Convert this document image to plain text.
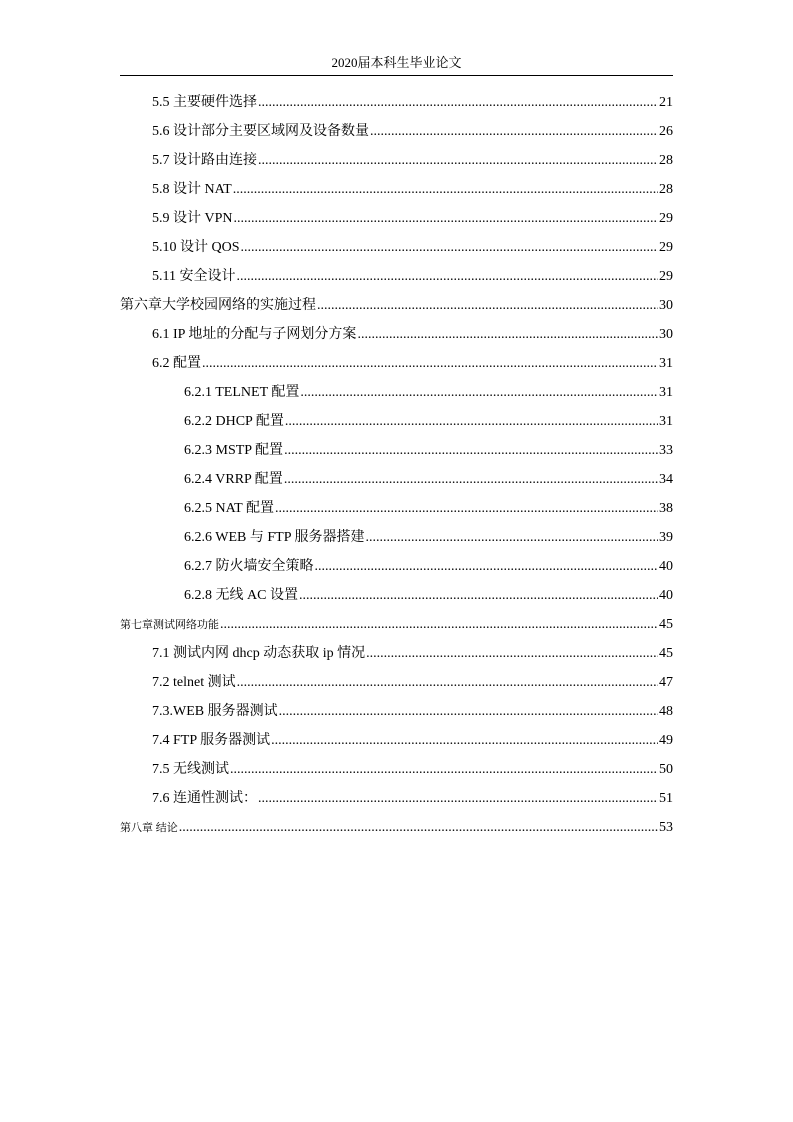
2020届本科生毕业论文
5.5 主要硬件选择 .....	21
5.6 设计部分主要区域网及设备数量 .....	26
5.7 设计路由连接 .....	28
5.8 设计 NAT .....	28
5.9 设计 VPN .....	29
5.10 设计 QOS .....	29
5.11 安全设计 .....	29
第六章大学校园网络的实施过程 .....	30
6.1 IP 地址的分配与子网划分方案 .....	30
6.2 配置 .....	31
6.2.1 TELNET 配置 .....	31
6.2.2 DHCP 配置 .....	31
6.2.3 MSTP 配置 .....	33
6.2.4 VRRP 配置 .....	34
6.2.5 NAT 配置 .....	38
6.2.6 WEB 与 FTP 服务器搭建 .....	39
6.2.7 防火墙安全策略 .....	40
6.2.8 无线 AC 设置 .....	40
第七章测试网络功能 .....	45
7.1 测试内网 dhcp 动态获取 ip 情况 .....	45
7.2 telnet 测试 .....	47
7.3.WEB 服务器测试 .....	48
7.4 FTP 服务器测试 .....	49
7.5 无线测试 .....	50
7.6 连通性测试： .....	51
第八章 结论 .....	53
